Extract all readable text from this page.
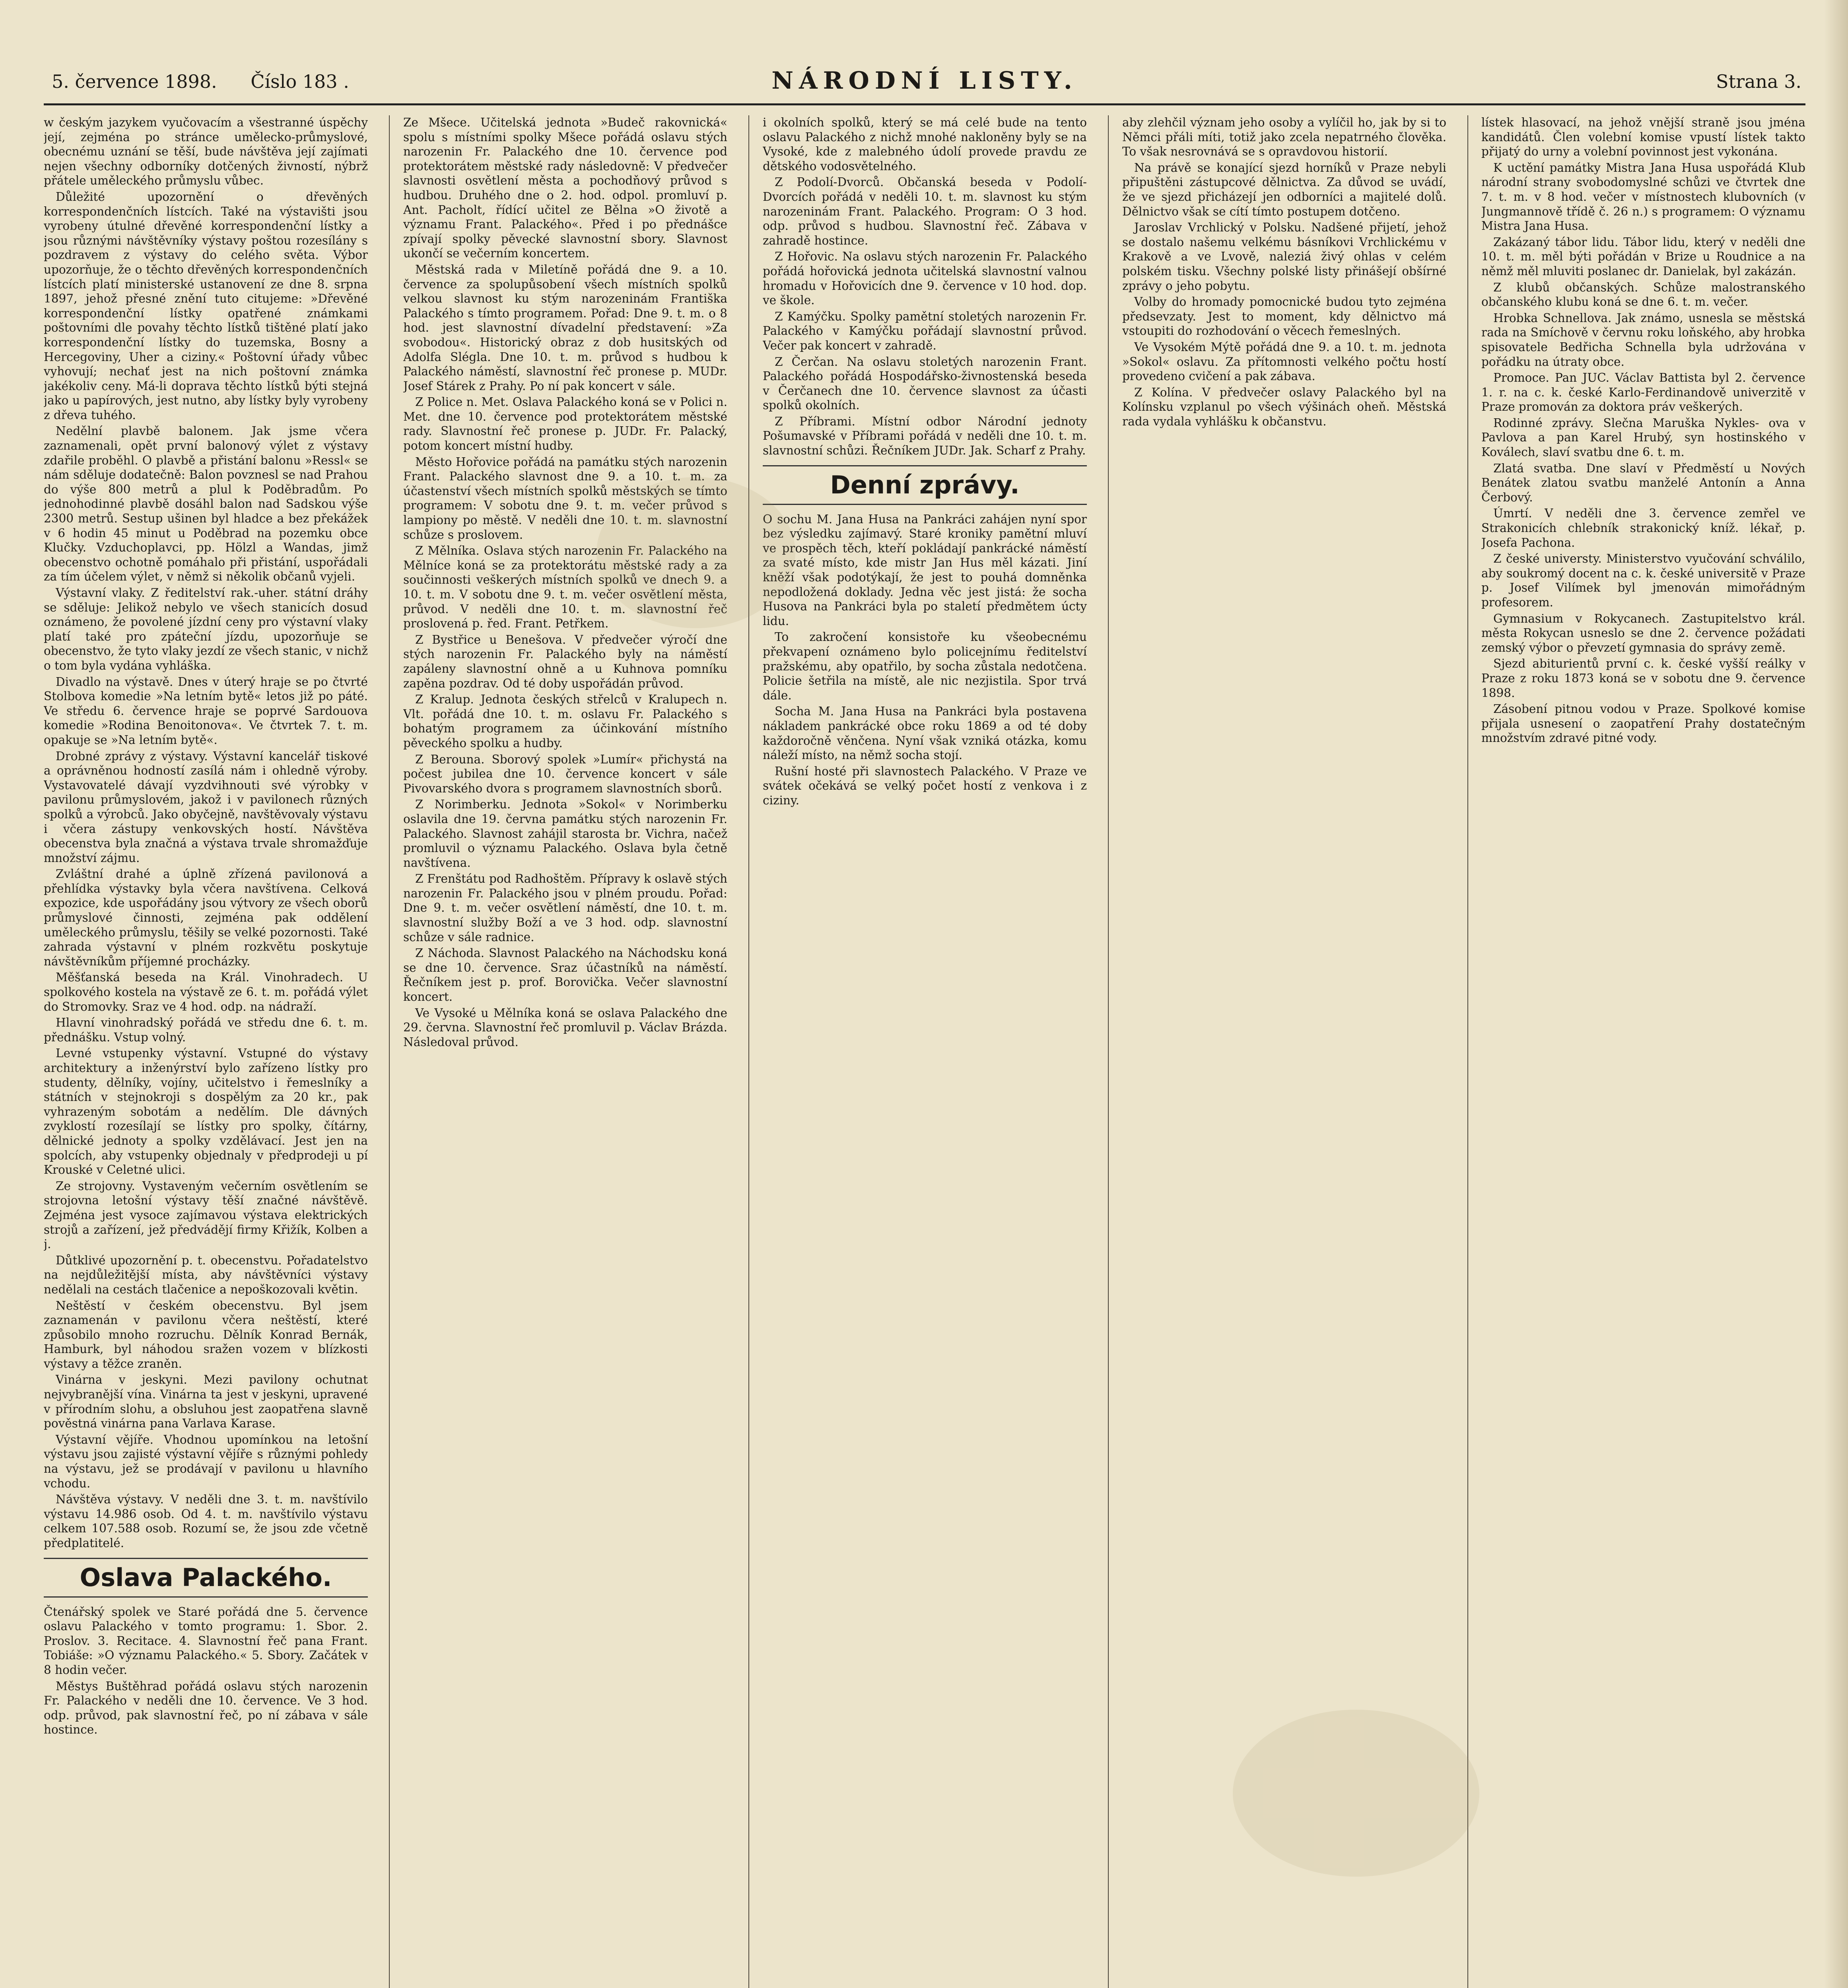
5. července 1898. Číslo 183 .	NÁRODNÍ LISTY.	Strana 3.

w českým jazykem vyučovacím a všestranné úspěchy její, zejména po stránce umělecko-průmyslové, obecnému uznání se těší, bude návštěva její zajímati nejen všechny odborníky dotčených živností, nýbrž přátele uměleckého průmyslu vůbec.

Důležité upozornění o dřevěných korrespondenčních lístcích. Také na výstavišti jsou vyrobeny útulné dřevěné korrespondenční lístky a jsou různými návštěvníky výstavy poštou rozesílány s pozdravem z výstavy do celého světa. Výbor upozorňuje, že o těchto dřevěných korrespondenčních lístcích platí ministerské ustanovení ze dne 8. srpna 1897, jehož přesné znění tuto citujeme: »Dřevěné korrespondenční lístky opatřené známkami poštovními dle povahy těchto lístků tištěné platí jako korrespondenční lístky do tuzemska, Bosny a Hercegoviny, Uher a ciziny.« Poštovní úřady vůbec vyhovují; nechať jest na nich poštovní známka jakékoliv ceny. Má-li doprava těchto lístků býti stejná jako u papírových, jest nutno, aby lístky byly vyrobeny z dřeva tuhého.

Nedělní plavbě balonem. Jak jsme včera zaznamenali, opět první balonový výlet z výstavy zdařile proběhl. O plavbě a přistání balonu »Ressl« se nám sděluje dodatečně: Balon povznesl se nad Prahou do výše 800 metrů a plul k Poděbradům. Po jednohodinné plavbě dosáhl balon nad Sadskou výše 2300 metrů. Sestup ušinen byl hladce a bez překážek v 6 hodin 45 minut u Poděbrad na pozemku obce Klučky. Vzduchoplavci, pp. Hölzl a Wandas, jimž obecenstvo ochotně pomáhalo při přistání, uspořádali za tím účelem výlet, v němž si několik občanů vyjeli.

Výstavní vlaky. Z ředitelství rak.-uher. státní dráhy se sděluje: Jelikož nebylo ve všech stanicích dosud oznámeno, že povolené jízdní ceny pro výstavní vlaky platí také pro zpáteční jízdu, upozorňuje se obecenstvo, že tyto vlaky jezdí ze všech stanic, v nichž o tom byla vydána vyhláška.

Divadlo na výstavě. Dnes v úterý hraje se po čtvrté Stolbova komedie »Na letním bytě« letos již po páté. Ve středu 6. července hraje se poprvé Sardouova komedie »Rodina Benoitonova«. Ve čtvrtek 7. t. m. opakuje se »Na letním bytě«.

Drobné zprávy z výstavy. Výstavní kancelář tiskové a oprávněnou hodností zasílá nám i ohledně výroby. Vystavovatelé dávají vyzdvihnouti své výrobky v pavilonu průmyslovém, jakož i v pavilonech různých spolků a výrobců. Jako obyčejně, navštěvovaly výstavu i včera zástupy venkovských hostí. Návštěva obecenstva byla značná a výstava trvale shromažďuje množství zájmu.

Zvláštní drahé a úplně zřízená pavilonová a přehlídka výstavky byla včera navštívena. Celková expozice, kde uspořádány jsou výtvory ze všech oborů průmyslové činnosti, zejména pak oddělení uměleckého průmyslu, těšily se velké pozornosti. Také zahrada výstavní v plném rozkvětu poskytuje návštěvníkům příjemné procházky.

Měšťanská beseda na Král. Vinohradech. U spolkového kostela na výstavě ze 6. t. m. pořádá výlet do Stromovky. Sraz ve 4 hod. odp. na nádraží.

Hlavní vinohradský pořádá ve středu dne 6. t. m. přednášku. Vstup volný.

Levné vstupenky výstavní. Vstupné do výstavy architektury a inženýrství bylo zařízeno lístky pro studenty, dělníky, vojíny, učitelstvo i řemeslníky a státních v stejnokroji s dospělým za 20 kr., pak vyhrazeným sobotám a nedělím. Dle dávných zvyklostí rozesílají se lístky pro spolky, čítárny, dělnické jednoty a spolky vzdělávací. Jest jen na spolcích, aby vstupenky objednaly v předprodeji u pí Krouské v Celetné ulici.

Ze strojovny. Vystaveným večerním osvětlením se strojovna letošní výstavy těší značné návštěvě. Zejména jest vysoce zajímavou výstava elektrických strojů a zařízení, jež předvádějí firmy Křižík, Kolben a j.

Důtklivé upozornění p. t. obecenstvu. Pořadatelstvo na nejdůležitější místa, aby návštěvníci výstavy nedělali na cestách tlačenice a nepoškozovali květin.

Neštěstí v českém obecenstvu. Byl jsem zaznamenán v pavilonu včera neštěstí, které způsobilo mnoho rozruchu. Dělník Konrad Bernák, Hamburk, byl náhodou sražen vozem v blízkosti výstavy a těžce zraněn.

Vinárna v jeskyni. Mezi pavilony ochutnat nejvybranější vína. Vinárna ta jest v jeskyni, upravené v přírodním slohu, a obsluhou jest zaopatřena slavně pověstná vinárna pana Varlava Karase.

Výstavní vějíře. Vhodnou upomínkou na letošní výstavu jsou zajisté výstavní vějíře s různými pohledy na výstavu, jež se prodávají v pavilonu u hlavního vchodu.

Návštěva výstavy. V neděli dne 3. t. m. navštívilo výstavu 14.986 osob. Od 4. t. m. navštívilo výstavu celkem 107.588 osob. Rozumí se, že jsou zde včetně předplatitelé.

Oslava Palackého.

Čtenářský spolek ve Staré pořádá dne 5. července oslavu Palackého v tomto programu: 1. Sbor. 2. Proslov. 3. Recitace. 4. Slavnostní řeč pana Frant. Tobiáše: »O významu Palackého.« 5. Sbory. Začátek v 8 hodin večer.

Městys Buštěhrad pořádá oslavu stých narozenin Fr. Palackého v neděli dne 10. července. Ve 3 hod. odp. průvod, pak slavnostní řeč, po ní zábava v sále hostince.

Ze Mšece. Učitelská jednota »Budeč rakovnická« spolu s místními spolky Mšece pořádá oslavu stých narozenin Fr. Palackého dne 10. července pod protektorátem městské rady následovně: V předvečer slavnosti osvětlení města a pochodňový průvod s hudbou. Druhého dne o 2. hod. odpol. promluví p. Ant. Pacholt, řídící učitel ze Bělna »O životě a významu Frant. Palackého«. Před i po přednášce zpívají spolky pěvecké slavnostní sbory. Slavnost ukončí se večerním koncertem.

Městská rada v Miletíně pořádá dne 9. a 10. července za spolupůsobení všech místních spolků velkou slavnost ku stým narozeninám Františka Palackého s tímto programem. Pořad: Dne 9. t. m. o 8 hod. jest slavnostní dívadelní představení: »Za svobodou«. Historický obraz z dob husitských od Adolfa Slégla. Dne 10. t. m. průvod s hudbou k Palackého náměstí, slavnostní řeč pronese p. MUDr. Josef Stárek z Prahy. Po ní pak koncert v sále.

Z Police n. Met. Oslava Palackého koná se v Polici n. Met. dne 10. července pod protektorátem městské rady. Slavnostní řeč pronese p. JUDr. Fr. Palacký, potom koncert místní hudby.

Město Hořovice pořádá na památku stých narozenin Frant. Palackého slavnost dne 9. a 10. t. m. za účastenství všech místních spolků městských se tímto programem: V sobotu dne 9. t. m. večer průvod s lampiony po městě. V neděli dne 10. t. m. slavnostní schůze s proslovem.

Z Mělníka. Oslava stých narozenin Fr. Palackého na Mělníce koná se za protektorátu městské rady a za součinnosti veškerých místních spolků ve dnech 9. a 10. t. m. V sobotu dne 9. t. m. večer osvětlení města, průvod. V neděli dne 10. t. m. slavnostní řeč proslovená p. řed. Frant. Petřkem.

Z Bystřice u Benešova. V předvečer výročí dne stých narozenin Fr. Palackého byly na náměstí zapáleny slavnostní ohně a u Kuhnova pomníku zapěna pozdrav. Od té doby uspořádán průvod.

Z Kralup. Jednota českých střelců v Kralupech n. Vlt. pořádá dne 10. t. m. oslavu Fr. Palackého s bohatým programem za účinkování místního pěveckého spolku a hudby.

Z Berouna. Sborový spolek »Lumír« přichystá na počest jubilea dne 10. července koncert v sále Pivovarského dvora s programem slavnostních sborů.

Z Norimberku. Jednota »Sokol« v Norimberku oslavila dne 19. června památku stých narozenin Fr. Palackého. Slavnost zahájil starosta br. Vichra, načež promluvil o významu Palackého. Oslava byla četně navštívena.

Z Frenštátu pod Radhoštěm. Přípravy k oslavě stých narozenin Fr. Palackého jsou v plném proudu. Pořad: Dne 9. t. m. večer osvětlení náměstí, dne 10. t. m. slavnostní služby Boží a ve 3 hod. odp. slavnostní schůze v sále radnice.

Z Náchoda. Slavnost Palackého na Náchodsku koná se dne 10. července. Sraz účastníků na náměstí. Řečníkem jest p. prof. Borovička. Večer slavnostní koncert.

Ve Vysoké u Mělníka koná se oslava Palackého dne 29. června. Slavnostní řeč promluvil p. Václav Brázda. Následoval průvod.

i okolních spolků, který se má celé bude na tento oslavu Palackého z nichž mnohé nakloněny byly se na Vysoké, kde z malebného údolí provede pravdu ze dětského vodosvětelného.

Z Podolí-Dvorců. Občanská beseda v Podolí-Dvorcích pořádá v neděli 10. t. m. slavnost ku stým narozeninám Frant. Palackého. Program: O 3 hod. odp. průvod s hudbou. Slavnostní řeč. Zábava v zahradě hostince.

Z Hořovic. Na oslavu stých narozenin Fr. Palackého pořádá hořovická jednota učitelská slavnostní valnou hromadu v Hořovicích dne 9. července v 10 hod. dop. ve škole.

Z Kamýčku. Spolky pamětní stoletých narozenin Fr. Palackého v Kamýčku pořádají slavnostní průvod. Večer pak koncert v zahradě.

Z Čerčan. Na oslavu stoletých narozenin Frant. Palackého pořádá Hospodářsko-živnostenská beseda v Čerčanech dne 10. července slavnost za účasti spolků okolních.

Z Příbrami. Místní odbor Národní jednoty Pošumavské v Příbrami pořádá v neděli dne 10. t. m. slavnostní schůzi. Řečníkem JUDr. Jak. Scharf z Prahy.

Denní zprávy.

O sochu M. Jana Husa na Pankráci zahájen nyní spor bez výsledku zajímavý. Staré kroniky pamětní mluví ve prospěch těch, kteří pokládají pankrácké náměstí za svaté místo, kde mistr Jan Hus měl kázati. Jiní kněží však podotýkají, že jest to pouhá domněnka nepodložená doklady. Jedna věc jest jistá: že socha Husova na Pankráci byla po staletí předmětem úcty lidu.

To zakročení konsistoře ku všeobecnému překvapení oznámeno bylo policejnímu ředitelství pražskému, aby opatřilo, by socha zůstala nedotčena. Policie šetřila na místě, ale nic nezjistila. Spor trvá dále.

Socha M. Jana Husa na Pankráci byla postavena nákladem pankrácké obce roku 1869 a od té doby každoročně věnčena. Nyní však vzniká otázka, komu náleží místo, na němž socha stojí.

Rušní hosté při slavnostech Palackého. V Praze ve svátek očekává se velký počet hostí z venkova i z ciziny.

aby zlehčil význam jeho osoby a vylíčil ho, jak by si to Němci přáli míti, totiž jako zcela nepatrného člověka. To však nesrovnává se s opravdovou historií.

Na právě se konající sjezd horníků v Praze nebyli připuštěni zástupcové dělnictva. Za důvod se uvádí, že ve sjezd přicházejí jen odborníci a majitelé dolů. Dělnictvo však se cítí tímto postupem dotčeno.

Jaroslav Vrchlický v Polsku. Nadšené přijetí, jehož se dostalo našemu velkému básníkovi Vrchlickému v Krakově a ve Lvově, naleziá živý ohlas v celém polském tisku. Všechny polské listy přinášejí obšírné zprávy o jeho pobytu.

Volby do hromady pomocnické budou tyto zejména předsevzaty. Jest to moment, kdy dělnictvo má vstoupiti do rozhodování o věcech řemeslných.

Ve Vysokém Mýtě pořádá dne 9. a 10. t. m. jednota »Sokol« oslavu. Za přítomnosti velkého počtu hostí provedeno cvičení a pak zábava.

Z Kolína. V předvečer oslavy Palackého byl na Kolínsku vzplanul po všech výšinách oheň. Městská rada vydala vyhlášku k občanstvu.

lístek hlasovací, na jehož vnější straně jsou jména kandidátů. Člen volební komise vpustí lístek takto přijatý do urny a volební povinnost jest vykonána.

K uctění památky Mistra Jana Husa uspořádá Klub národní strany svobodomyslné schůzi ve čtvrtek dne 7. t. m. v 8 hod. večer v místnostech klubovních (v Jungmannově třídě č. 26 n.) s programem: O významu Mistra Jana Husa.

Zakázaný tábor lidu. Tábor lidu, který v neděli dne 10. t. m. měl býti pořádán v Brize u Roudnice a na němž měl mluviti poslanec dr. Danielak, byl zakázán.

Z klubů občanských. Schůze malostranského občanského klubu koná se dne 6. t. m. večer.

Hrobka Schnellova. Jak známo, usnesla se městská rada na Smíchově v červnu roku loňského, aby hrobka spisovatele Bedřicha Schnella byla udržována v pořádku na útraty obce.

Promoce. Pan JUC. Václav Battista byl 2. července 1. r. na c. k. české Karlo-Ferdinandově univerzitě v Praze promován za doktora práv veškerých.

Rodinné zprávy. Slečna Maruška Nykles- ova v Pavlova a pan Karel Hrubý, syn hostinského v Koválech, slaví svatbu dne 6. t. m.

Zlatá svatba. Dne slaví v Předměstí u Nových Benátek zlatou svatbu manželé Antonín a Anna Čerbový.

Úmrtí. V neděli dne 3. července zemřel ve Strakonicích chlebník strakonický kníž. lékař, p. Josefa Pachona.

Z české universty. Ministerstvo vyučování schválilo, aby soukromý docent na c. k. české universitě v Praze p. Josef Vilímek byl jmenován mimořádným profesorem.

Gymnasium v Rokycanech. Zastupitelstvo král. města Rokycan usneslo se dne 2. července požádati zemský výbor o převzetí gymnasia do správy země.

Sjezd abiturientů první c. k. české vyšší reálky v Praze z roku 1873 koná se v sobotu dne 9. července 1898.

Zásobení pitnou vodou v Praze. Spolkové komise přijala usnesení o zaopatření Prahy dostatečným množstvím zdravé pitné vody.
